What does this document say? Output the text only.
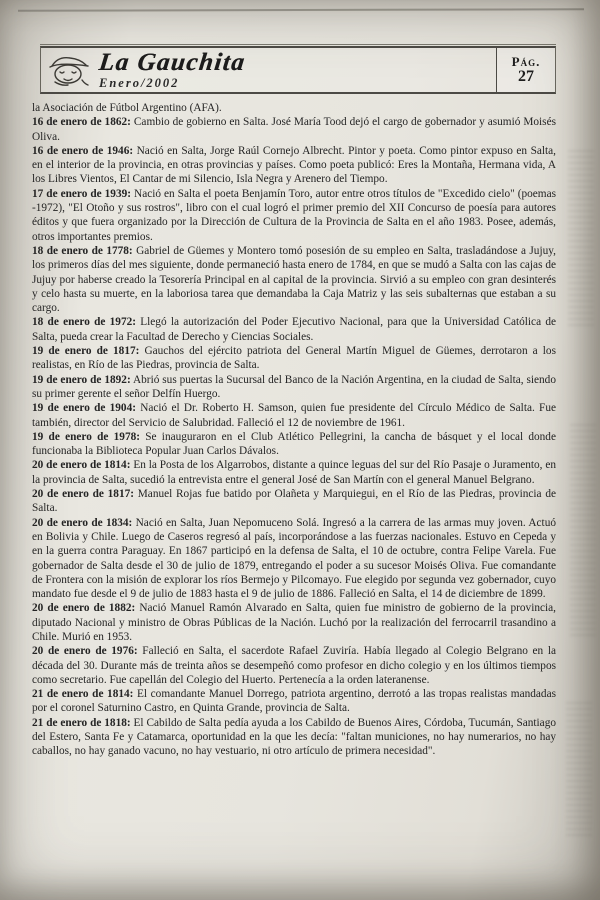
La Gauchita
Enero/2002
Pág.
27

la Asociación de Fútbol Argentino (AFA).

16 de enero de 1862: Cambio de gobierno en Salta. José María Tood dejó el cargo de gobernador y asumió Moisés Oliva.

16 de enero de 1946: Nació en Salta, Jorge Raúl Cornejo Albrecht. Pintor y poeta. Como pintor expuso en Salta, en el interior de la provincia, en otras provincias y países. Como poeta publicó: Eres la Montaña, Hermana vida, A los Libres Vientos, El Cantar de mi Silencio, Isla Negra y Arenero del Tiempo.

17 de enero de 1939: Nació en Salta el poeta Benjamín Toro, autor entre otros títulos de "Excedido cielo" (poemas -1972), "El Otoño y sus rostros", libro con el cual logró el primer premio del XII Concurso de poesía para autores éditos y que fuera organizado por la Dirección de Cultura de la Provincia de Salta en el año 1983. Posee, además, otros importantes premios.

18 de enero de 1778: Gabriel de Güemes y Montero tomó posesión de su empleo en Salta, trasladándose a Jujuy, los primeros días del mes siguiente, donde permaneció hasta enero de 1784, en que se mudó a Salta con las cajas de Jujuy por haberse creado la Tesorería Principal en al capital de la provincia. Sirvió a su empleo con gran desinterés y celo hasta su muerte, en la laboriosa tarea que demandaba la Caja Matriz y las seis subalternas que estaban a su cargo.

18 de enero de 1972: Llegó la autorización del Poder Ejecutivo Nacional, para que la Universidad Católica de Salta, pueda crear la Facultad de Derecho y Ciencias Sociales.

19 de enero de 1817: Gauchos del ejército patriota del General Martín Miguel de Güemes, derrotaron a los realistas, en Río de las Piedras, provincia de Salta.

19 de enero de 1892: Abrió sus puertas la Sucursal del Banco de la Nación Argentina, en la ciudad de Salta, siendo su primer gerente el señor Delfín Huergo.

19 de enero de 1904: Nació el Dr. Roberto H. Samson, quien fue presidente del Círculo Médico de Salta. Fue también, director del Servicio de Salubridad. Falleció el 12 de noviembre de 1961.

19 de enero de 1978: Se inauguraron en el Club Atlético Pellegrini, la cancha de básquet y el local donde funcionaba la Biblioteca Popular Juan Carlos Dávalos.

20 de enero de 1814: En la Posta de los Algarrobos, distante a quince leguas del sur del Río Pasaje o Juramento, en la provincia de Salta, sucedió la entrevista entre el general José de San Martín con el general Manuel Belgrano.

20 de enero de 1817: Manuel Rojas fue batido por Olañeta y Marquiegui, en el Río de las Piedras, provincia de Salta.

20 de enero de 1834: Nació en Salta, Juan Nepomuceno Solá. Ingresó a la carrera de las armas muy joven. Actuó en Bolivia y Chile. Luego de Caseros regresó al país, incorporándose a las fuerzas nacionales. Estuvo en Cepeda y en la guerra contra Paraguay. En 1867 participó en la defensa de Salta, el 10 de octubre, contra Felipe Varela. Fue gobernador de Salta desde el 30 de julio de 1879, entregando el poder a su sucesor Moisés Oliva. Fue comandante de Frontera con la misión de explorar los ríos Bermejo y Pilcomayo. Fue elegido por segunda vez gobernador, cuyo mandato fue desde el 9 de julio de 1883 hasta el 9 de julio de 1886. Falleció en Salta, el 14 de diciembre de 1899.

20 de enero de 1882: Nació Manuel Ramón Alvarado en Salta, quien fue ministro de gobierno de la provincia, diputado Nacional y ministro de Obras Públicas de la Nación. Luchó por la realización del ferrocarril trasandino a Chile. Murió en 1953.

20 de enero de 1976: Falleció en Salta, el sacerdote Rafael Zuviría. Había llegado al Colegio Belgrano en la década del 30. Durante más de treinta años se desempeñó como profesor en dicho colegio y en los últimos tiempos como secretario. Fue capellán del Colegio del Huerto. Pertenecía a la orden lateranense.

21 de enero de 1814: El comandante Manuel Dorrego, patriota argentino, derrotó a las tropas realistas mandadas por el coronel Saturnino Castro, en Quinta Grande, provincia de Salta.

21 de enero de 1818: El Cabildo de Salta pedía ayuda a los Cabildo de Buenos Aires, Córdoba, Tucumán, Santiago del Estero, Santa Fe y Catamarca, oportunidad en la que les decía: "faltan municiones, no hay numerarios, no hay caballos, no hay ganado vacuno, no hay vestuario, ni otro artículo de primera necesidad".
